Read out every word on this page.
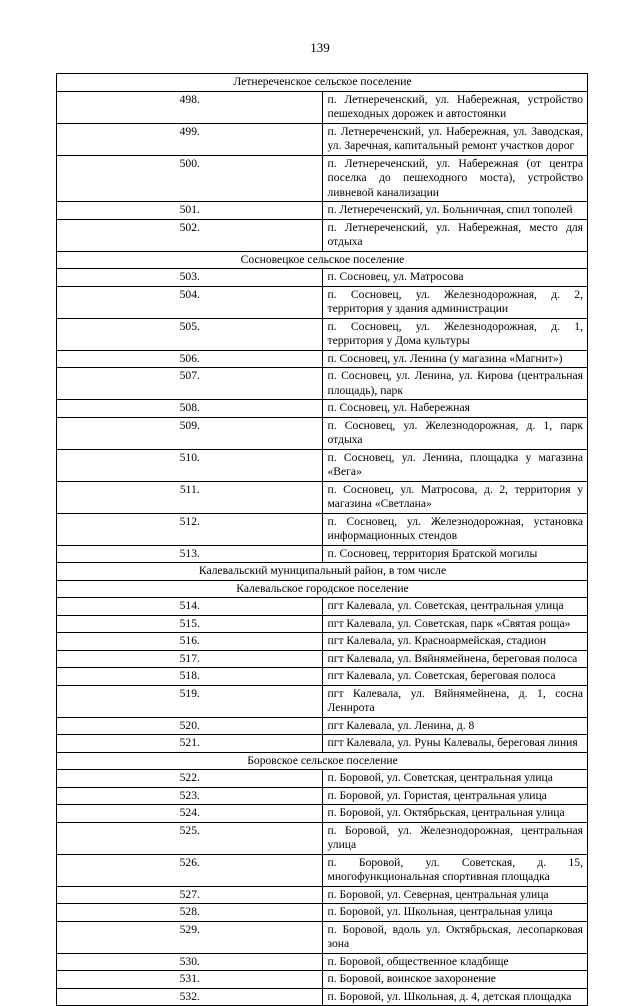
139
Летнереченское сельское поселение	
498.	п. Летнереченский, ул. Набережная, устройство пешеходных дорожек и автостоянки
499.	п. Летнереченский, ул. Набережная, ул. Заводская, ул. Заречная, капитальный ремонт участков дорог
500.	п. Летнереченский, ул. Набережная (от центра поселка до пешеходного моста), устройство ливневой канализации
501.	п. Летнереченский, ул. Больничная, спил тополей
502.	п. Летнереченский, ул. Набережная, место для отдыха
Сосновецкое сельское поселение	
503.	п. Сосновец, ул. Матросова
504.	п. Сосновец, ул. Железнодорожная, д. 2, территория у здания администрации
505.	п. Сосновец, ул. Железнодорожная, д. 1, территория у Дома культуры
506.	п. Сосновец, ул. Ленина (у магазина «Магнит»)
507.	п. Сосновец, ул. Ленина, ул. Кирова (центральная площадь), парк
508.	п. Сосновец, ул. Набережная
509.	п. Сосновец, ул. Железнодорожная, д. 1, парк отдыха
510.	п. Сосновец, ул. Ленина, площадка у магазина «Вега»
511.	п. Сосновец, ул. Матросова, д. 2, территория у магазина «Светлана»
512.	п. Сосновец, ул. Железнодорожная, установка информационных стендов
513.	п. Сосновец, территория Братской могилы
Калевальский муниципальный район, в том числе	
Калевальское городское поселение	
514.	пгт Калевала, ул. Советская, центральная улица
515.	пгт Калевала, ул. Советская, парк «Святая роща»
516.	пгт Калевала, ул. Красноармейская, стадион
517.	пгт Калевала, ул. Вяйнямейнена, береговая полоса
518.	пгт Калевала, ул. Советская, береговая полоса
519.	пгт Калевала, ул. Вяйнямейнена, д. 1, сосна Леннрота
520.	пгт Калевала, ул. Ленина, д. 8
521.	пгт Калевала, ул. Руны Калевалы, береговая линия
Боровское сельское поселение	
522.	п. Боровой, ул. Советская, центральная улица
523.	п. Боровой, ул. Гористая, центральная улица
524.	п. Боровой, ул. Октябрьская, центральная улица
525.	п. Боровой, ул. Железнодорожная, центральная улица
526.	п. Боровой, ул. Советская, д. 15, многофункциональная спортивная площадка
527.	п. Боровой, ул. Северная, центральная улица
528.	п. Боровой, ул. Школьная, центральная улица
529.	п. Боровой, вдоль ул. Октябрьская, лесопарковая зона
530.	п. Боровой, общественное кладбище
531.	п. Боровой, воинское захоронение
532.	п. Боровой, ул. Школьная, д. 4, детская площадка
